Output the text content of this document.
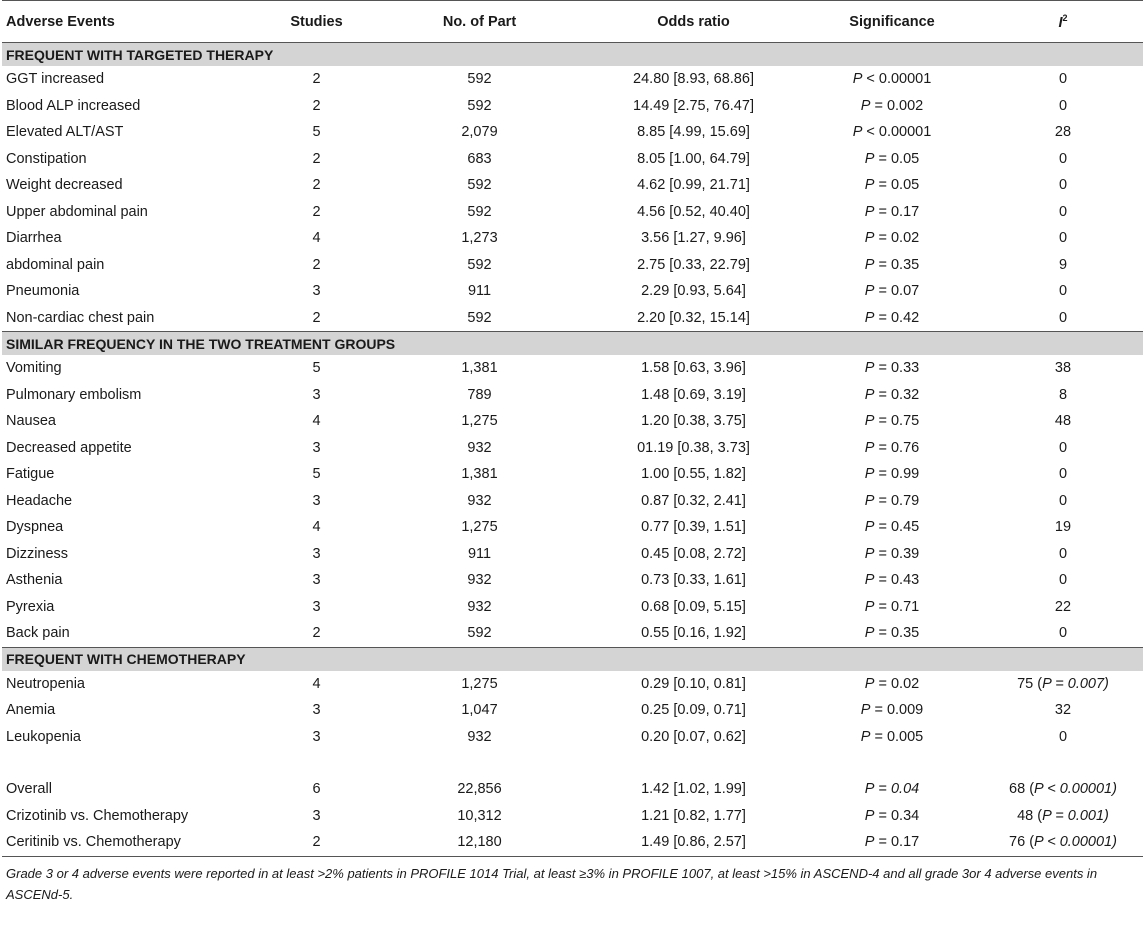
Adverse Events	Studies	No. of Part	Odds ratio	Significance	$I^2$
FREQUENT WITH TARGETED THERAPY					
GGT increased	2	592	24.80 [8.93, 68.86]	P < 0.00001	0
Blood ALP increased	2	592	14.49 [2.75, 76.47]	P = 0.002	0
Elevated ALT/AST	5	2,079	8.85 [4.99, 15.69]	P < 0.00001	28
Constipation	2	683	8.05 [1.00, 64.79]	P = 0.05	0
Weight decreased	2	592	4.62 [0.99, 21.71]	P = 0.05	0
Upper abdominal pain	2	592	4.56 [0.52, 40.40]	P = 0.17	0
Diarrhea	4	1,273	3.56 [1.27, 9.96]	P = 0.02	0
abdominal pain	2	592	2.75 [0.33, 22.79]	P = 0.35	9
Pneumonia	3	911	2.29 [0.93, 5.64]	P = 0.07	0
Non-cardiac chest pain	2	592	2.20 [0.32, 15.14]	P = 0.42	0
SIMILAR FREQUENCY IN THE TWO TREATMENT GROUPS					
Vomiting	5	1,381	1.58 [0.63, 3.96]	P = 0.33	38
Pulmonary embolism	3	789	1.48 [0.69, 3.19]	P = 0.32	8
Nausea	4	1,275	1.20 [0.38, 3.75]	P = 0.75	48
Decreased appetite	3	932	01.19 [0.38, 3.73]	P = 0.76	0
Fatigue	5	1,381	1.00 [0.55, 1.82]	P = 0.99	0
Headache	3	932	0.87 [0.32, 2.41]	P = 0.79	0
Dyspnea	4	1,275	0.77 [0.39, 1.51]	P = 0.45	19
Dizziness	3	911	0.45 [0.08, 2.72]	P = 0.39	0
Asthenia	3	932	0.73 [0.33, 1.61]	P = 0.43	0
Pyrexia	3	932	0.68 [0.09, 5.15]	P = 0.71	22
Back pain	2	592	0.55 [0.16, 1.92]	P = 0.35	0
FREQUENT WITH CHEMOTHERAPY					
Neutropenia	4	1,275	0.29 [0.10, 0.81]	P = 0.02	75 (P = 0.007)
Anemia	3	1,047	0.25 [0.09, 0.71]	P = 0.009	32
Leukopenia	3	932	0.20 [0.07, 0.62]	P = 0.005	0

Overall	6	22,856	1.42 [1.02, 1.99]	P = 0.04	68 (P < 0.00001)
Crizotinib vs. Chemotherapy	3	10,312	1.21 [0.82, 1.77]	P = 0.34	48 (P = 0.001)
Ceritinib vs. Chemotherapy	2	12,180	1.49 [0.86, 2.57]	P = 0.17	76 (P < 0.00001)
Grade 3 or 4 adverse events were reported in at least >2% patients in PROFILE 1014 Trial, at least ≥3% in PROFILE 1007, at least >15% in ASCEND-4 and all grade 3or 4 adverse events in ASCENd-5.
